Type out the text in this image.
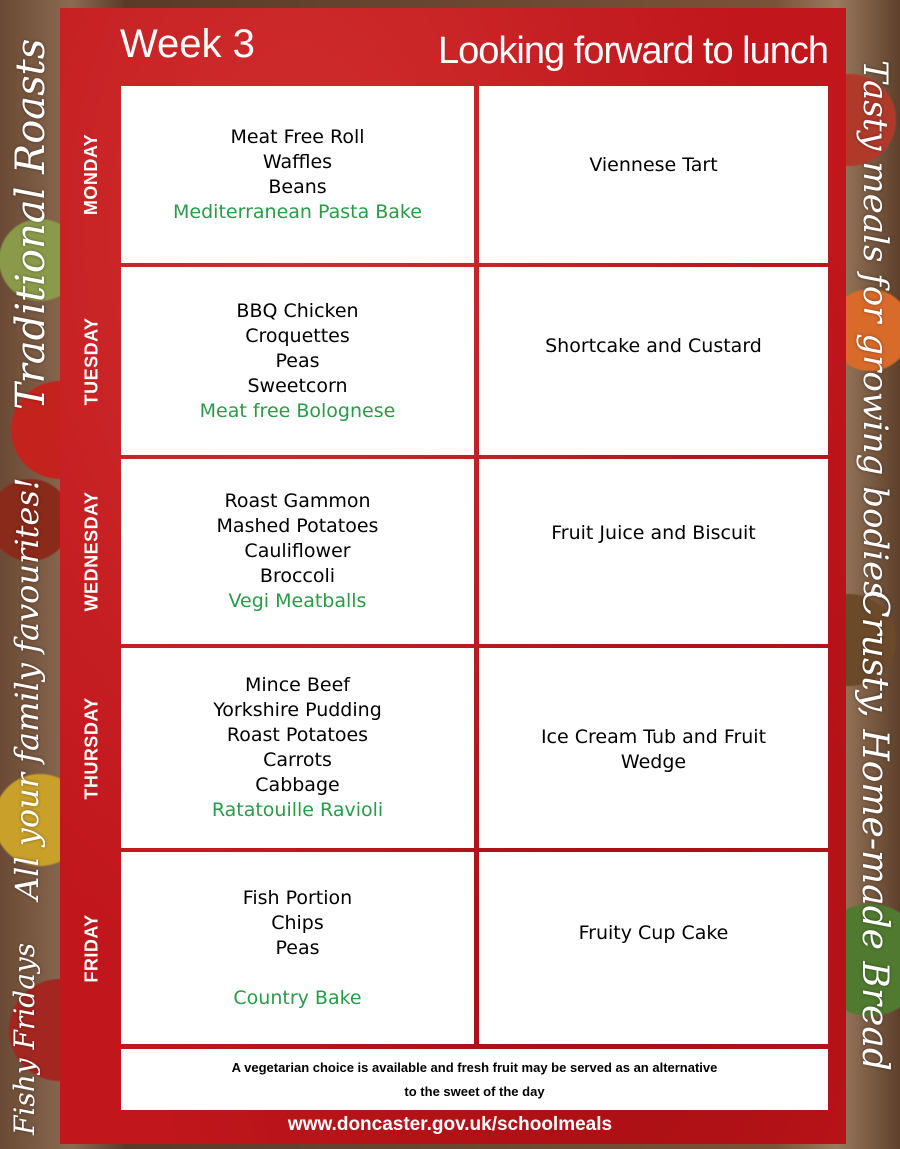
Traditional Roasts
All your family favourites!
Fishy Fridays
Tasty meals for growing bodies
Crusty, Home-made Bread
Week 3	Looking forward to lunch
MONDAY
TUESDAY
WEDNESDAY
THURSDAY
FRIDAY
Meat Free Roll
Waffles
Beans
Mediterranean Pasta Bake
Viennese Tart
BBQ Chicken
Croquettes
Peas
Sweetcorn
Meat free Bolognese
Shortcake and Custard
Roast Gammon
Mashed Potatoes
Cauliflower
Broccoli
Vegi Meatballs
Fruit Juice and Biscuit
Mince Beef
Yorkshire Pudding
Roast Potatoes
Carrots
Cabbage
Ratatouille Ravioli
Ice Cream Tub and Fruit
Wedge
Fish Portion
Chips
Peas
Country Bake
Fruity Cup Cake
A vegetarian choice is available and fresh fruit may be served as an alternative
to the sweet of the day
www.doncaster.gov.uk/schoolmeals
